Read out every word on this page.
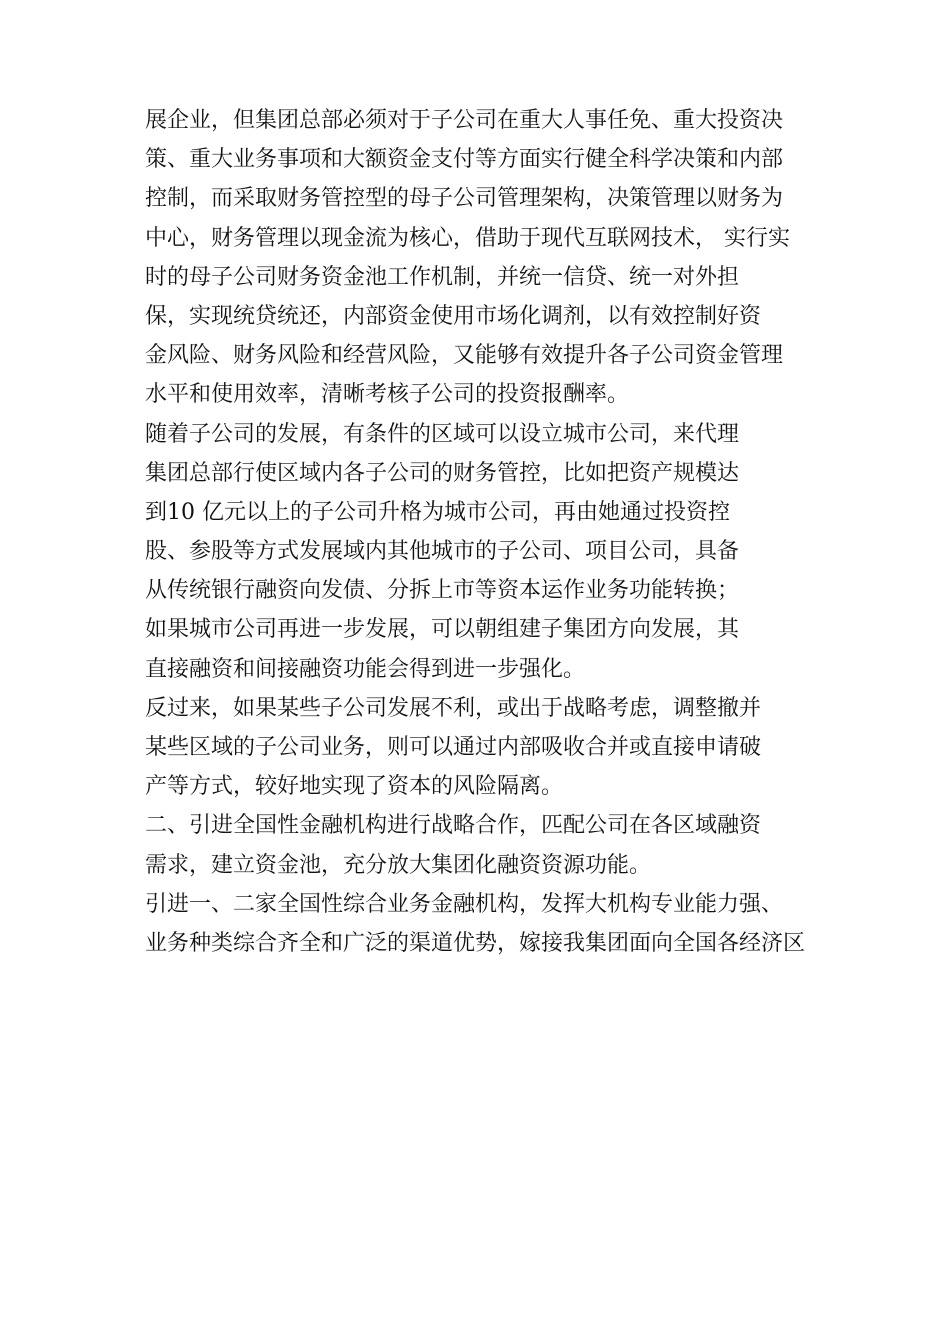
展企业，但集团总部必须对于子公司在重大人事任免、重大投资决
策、重大业务事项和大额资金支付等方面实行健全科学决策和内部
控制，而采取财务管控型的母子公司管理架构，决策管理以财务为
中心，财务管理以现金流为核心，借助于现代互联网技术， 实行实
时的母子公司财务资金池工作机制，并统一信贷、统一对外担
保，实现统贷统还，内部资金使用市场化调剂，以有效控制好资
金风险、财务风险和经营风险，又能够有效提升各子公司资金管理
水平和使用效率，清晰考核子公司的投资报酬率。
随着子公司的发展，有条件的区域可以设立城市公司，来代理
集团总部行使区域内各子公司的财务管控，比如把资产规模达
到10 亿元以上的子公司升格为城市公司，再由她通过投资控
股、参股等方式发展域内其他城市的子公司、项目公司，具备
从传统银行融资向发债、分拆上市等资本运作业务功能转换；
如果城市公司再进一步发展，可以朝组建子集团方向发展，其
直接融资和间接融资功能会得到进一步强化。
反过来，如果某些子公司发展不利，或出于战略考虑，调整撤并
某些区域的子公司业务，则可以通过内部吸收合并或直接申请破
产等方式，较好地实现了资本的风险隔离。
二、引进全国性金融机构进行战略合作，匹配公司在各区域融资
需求，建立资金池，充分放大集团化融资资源功能。
引进一、二家全国性综合业务金融机构，发挥大机构专业能力强、
业务种类综合齐全和广泛的渠道优势，嫁接我集团面向全国各经济区
